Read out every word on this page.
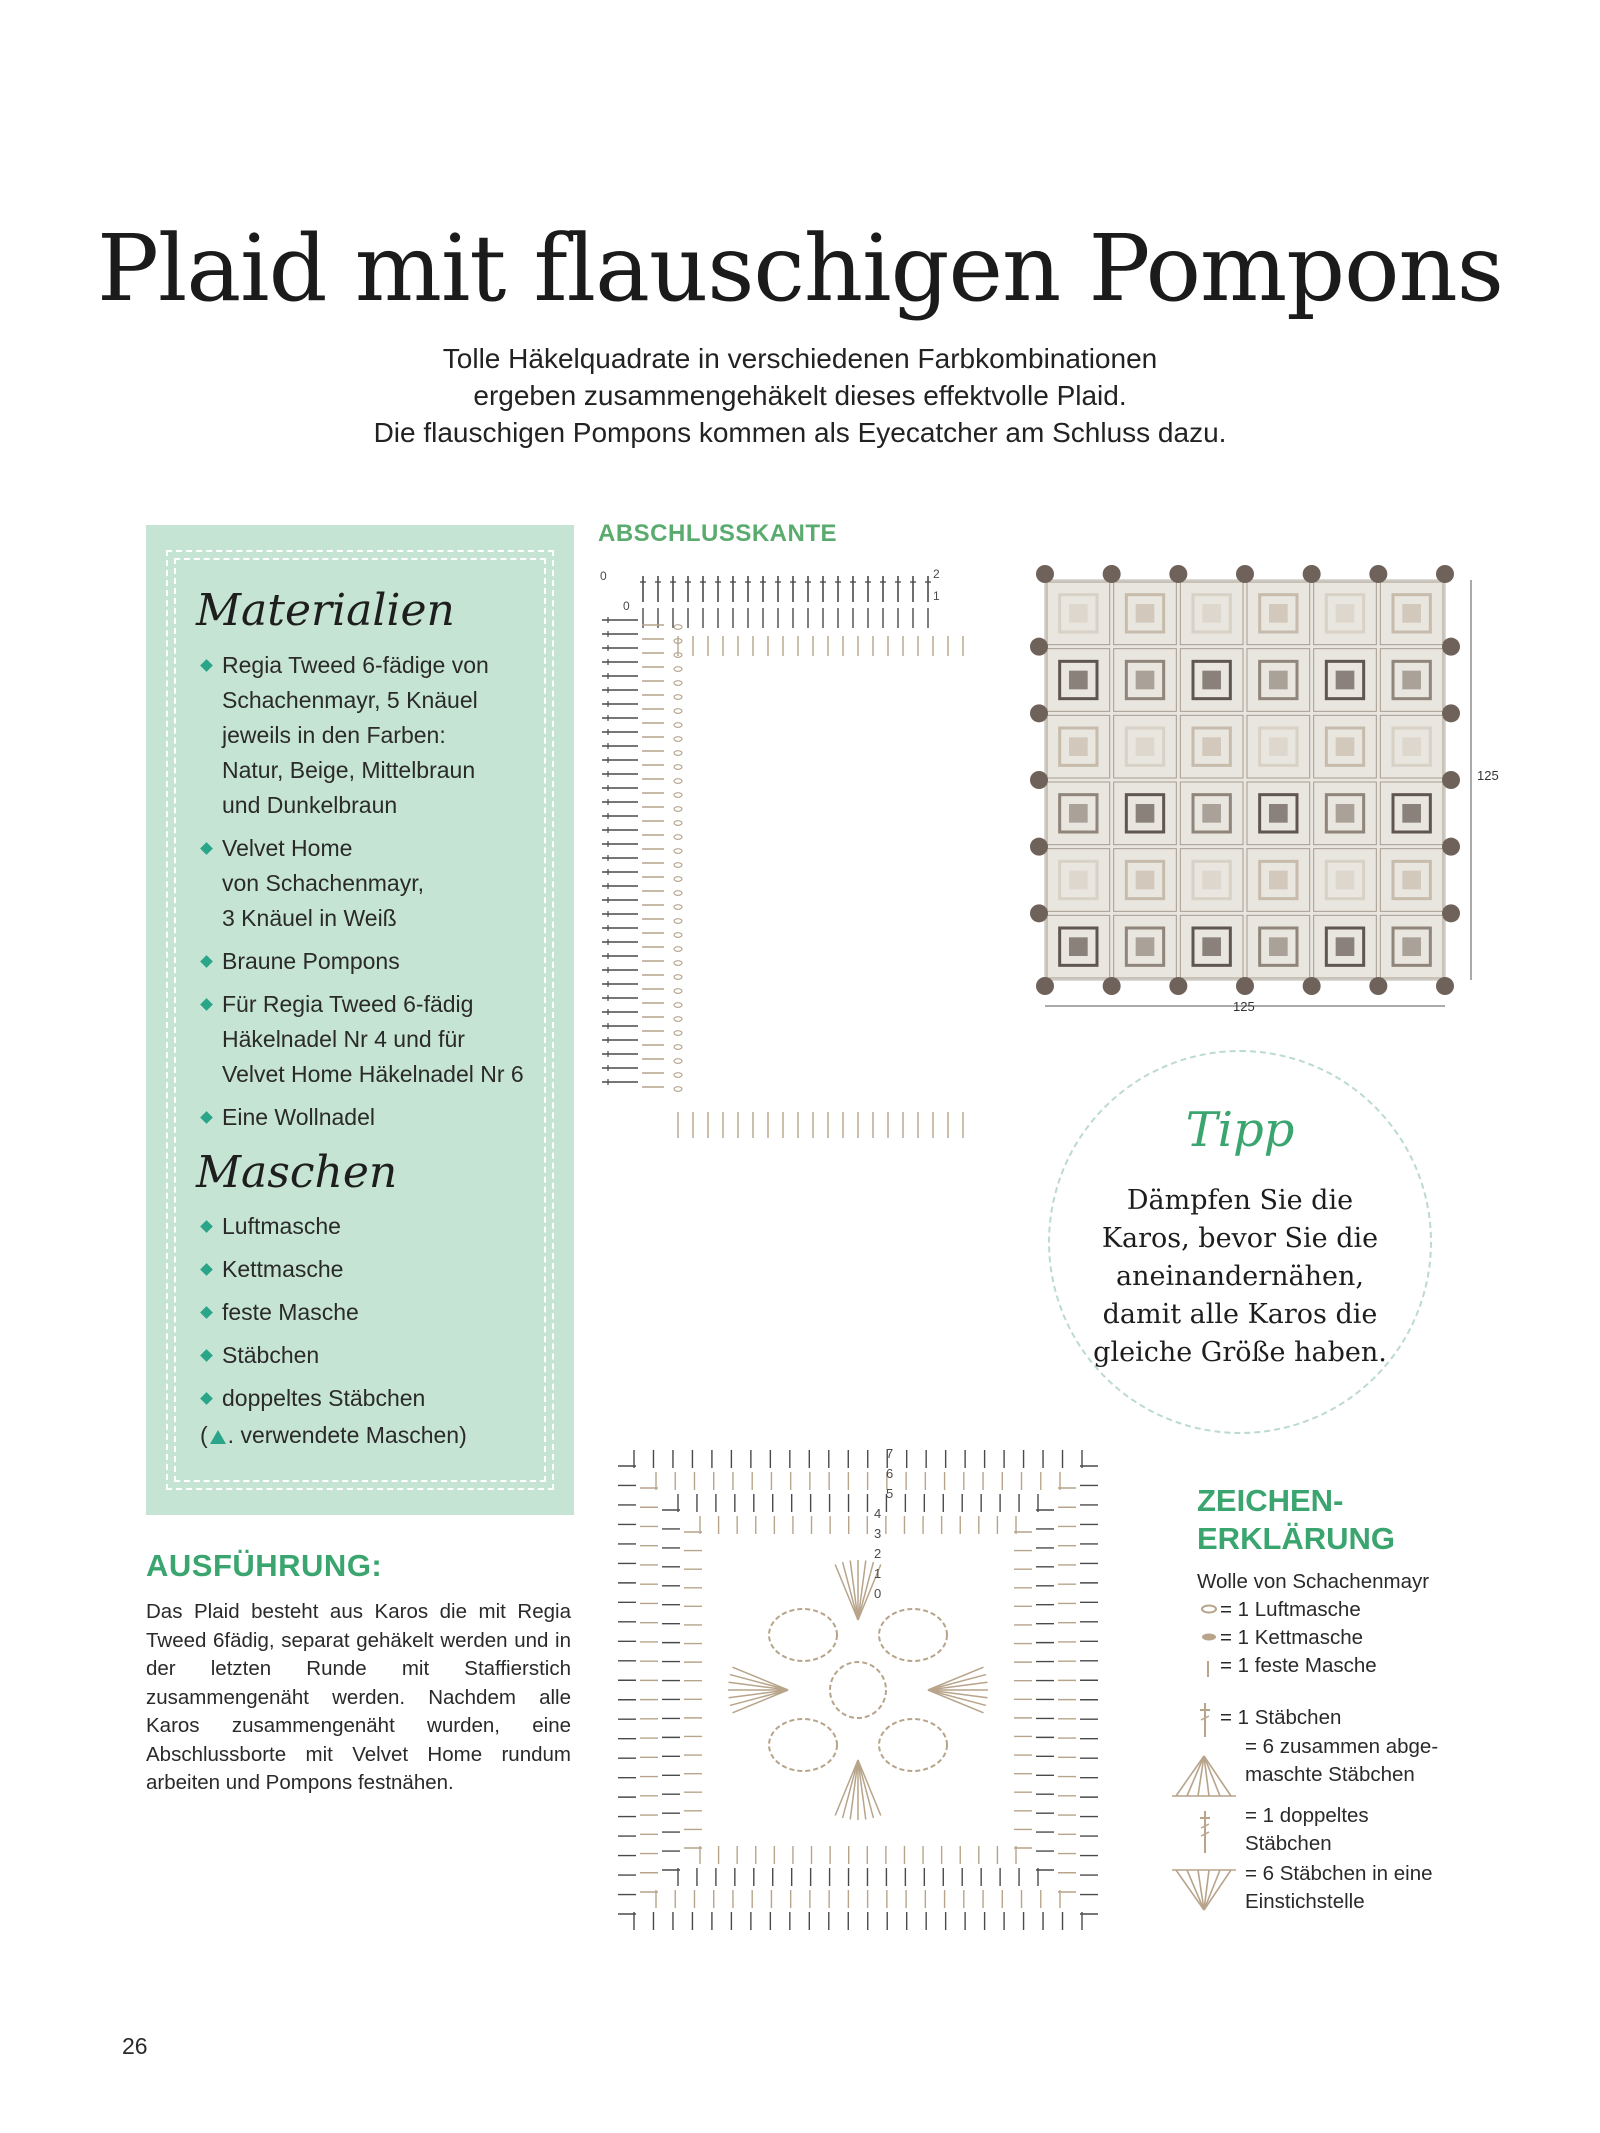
Plaid mit flauschigen Pompons
Tolle Häkelquadrate in verschiedenen Farbkombinationen
ergeben zusammengehäkelt dieses effektvolle Plaid.
Die flauschigen Pompons kommen als Eyecatcher am Schluss dazu.
Materialien
Regia Tweed 6-fädige von
Schachenmayr, 5 Knäuel
jeweils in den Farben:
Natur, Beige, Mittelbraun
und Dunkelbraun
Velvet Home
von Schachenmayr,
3 Knäuel in Weiß
Braune Pompons
Für Regia Tweed 6-fädig
Häkelnadel Nr 4 und für
Velvet Home Häkelnadel Nr 6
Eine Wollnadel
Maschen
Luftmasche
Kettmasche
feste Masche
Stäbchen
doppeltes Stäbchen
( . verwendete Maschen)
AUSFÜHRUNG:
Das Plaid besteht aus Karos die mit Regia Tweed 6fädig, separat gehäkelt werden und in der letzten Runde mit Staffierstich zusammengenäht werden. Nachdem alle Karos zusammengenäht wurden, eine Abschlussborte mit Velvet Home rundum arbeiten und Pompons festnähen.
ABSCHLUSSKANTE
0
0
2
1
125
125
Tipp
Dämpfen Sie die
Karos, bevor Sie die
aneinandernähen,
damit alle Karos die
gleiche Größe haben.
7
6
5
4
3
2
1
0
ZEICHEN-
ERKLÄRUNG
Wolle von Schachenmayr
= 1 Luftmasche
= 1 Kettmasche
= 1 feste Masche
= 1 Stäbchen
= 6 zusammen abge-
maschte Stäbchen
= 1 doppeltes
Stäbchen
= 6 Stäbchen in eine
Einstichstelle
26
